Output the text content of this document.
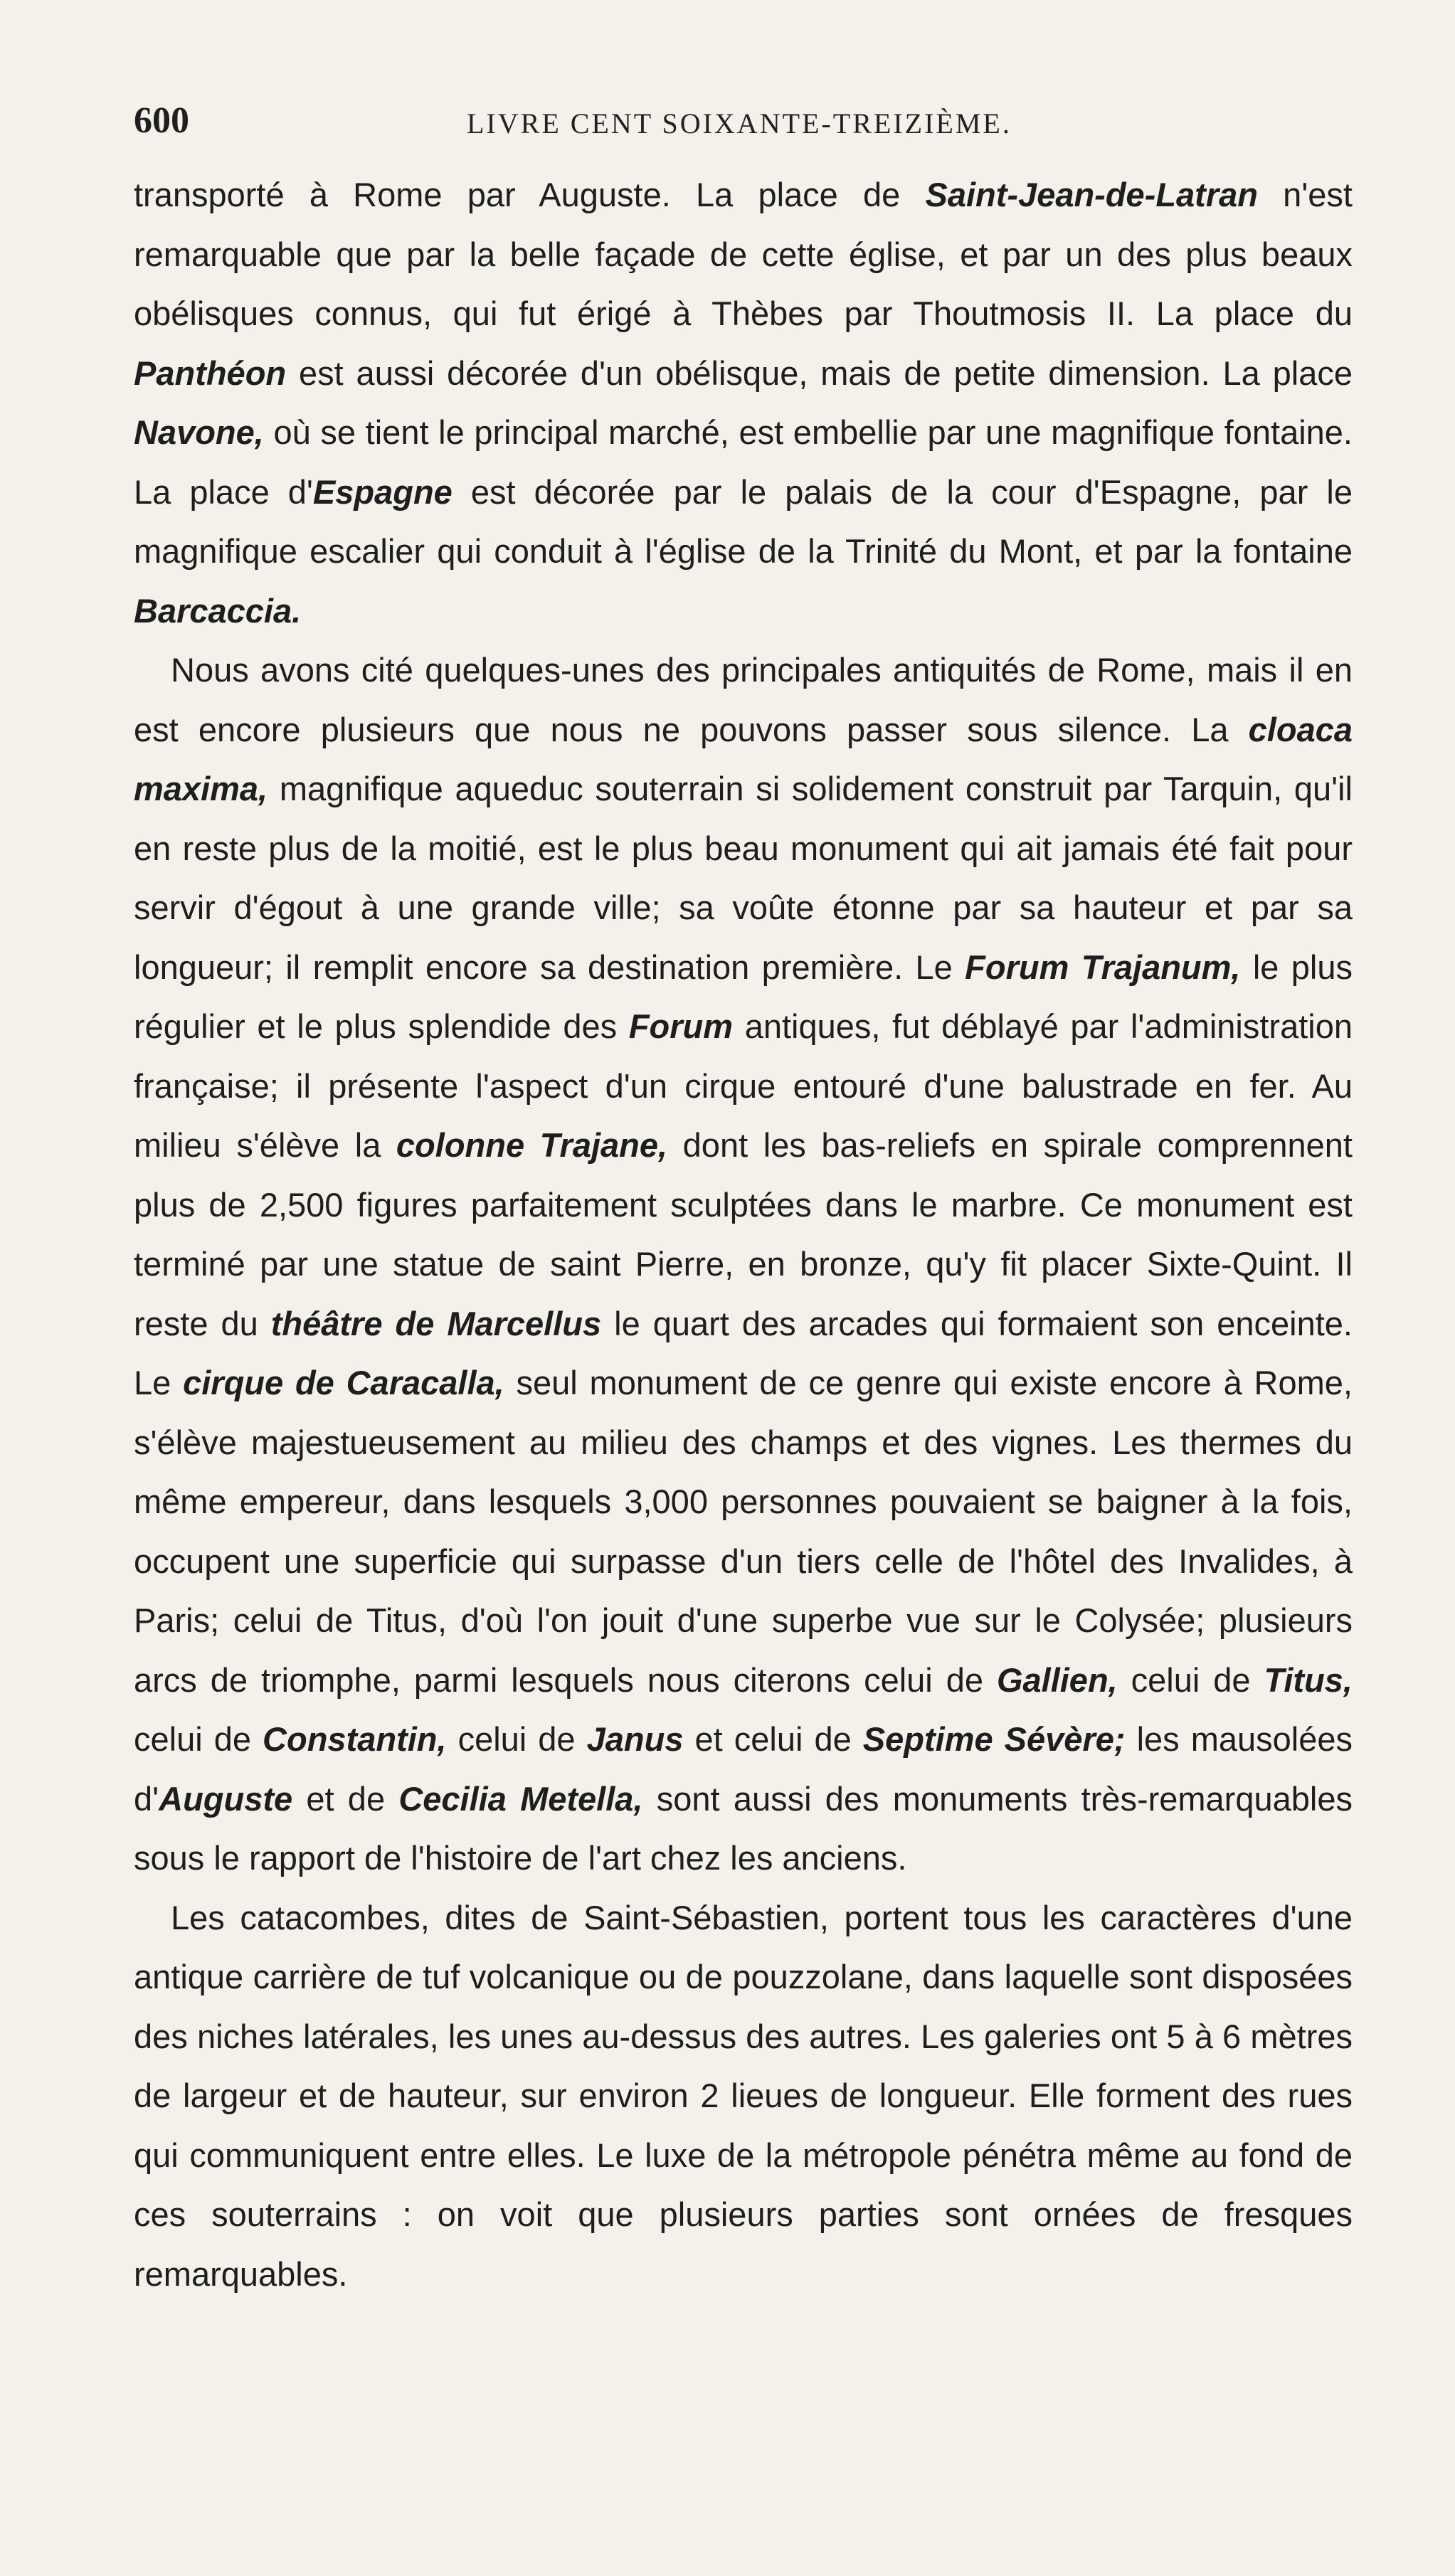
600	LIVRE CENT SOIXANTE-TREIZIÈME.

transporté à Rome par Auguste. La place de Saint-Jean-de-Latran n'est remarquable que par la belle façade de cette église, et par un des plus beaux obélisques connus, qui fut érigé à Thèbes par Thoutmosis II. La place du Panthéon est aussi décorée d'un obélisque, mais de petite dimension. La place Navone, où se tient le principal marché, est embellie par une magnifique fontaine. La place d'Espagne est décorée par le palais de la cour d'Espagne, par le magnifique escalier qui conduit à l'église de la Trinité du Mont, et par la fontaine Barcaccia.

Nous avons cité quelques-unes des principales antiquités de Rome, mais il en est encore plusieurs que nous ne pouvons passer sous silence. La cloaca maxima, magnifique aqueduc souterrain si solidement construit par Tarquin, qu'il en reste plus de la moitié, est le plus beau monument qui ait jamais été fait pour servir d'égout à une grande ville; sa voûte étonne par sa hauteur et par sa longueur; il remplit encore sa destination première. Le Forum Trajanum, le plus régulier et le plus splendide des Forum antiques, fut déblayé par l'administration française; il présente l'aspect d'un cirque entouré d'une balustrade en fer. Au milieu s'élève la colonne Trajane, dont les bas-reliefs en spirale comprennent plus de 2,500 figures parfaitement sculptées dans le marbre. Ce monument est terminé par une statue de saint Pierre, en bronze, qu'y fit placer Sixte-Quint. Il reste du théâtre de Marcellus le quart des arcades qui formaient son enceinte. Le cirque de Caracalla, seul monument de ce genre qui existe encore à Rome, s'élève majestueusement au milieu des champs et des vignes. Les thermes du même empereur, dans lesquels 3,000 personnes pouvaient se baigner à la fois, occupent une superficie qui surpasse d'un tiers celle de l'hôtel des Invalides, à Paris; celui de Titus, d'où l'on jouit d'une superbe vue sur le Colysée; plusieurs arcs de triomphe, parmi lesquels nous citerons celui de Gallien, celui de Titus, celui de Constantin, celui de Janus et celui de Septime Sévère; les mausolées d'Auguste et de Cecilia Metella, sont aussi des monuments très-remarquables sous le rapport de l'histoire de l'art chez les anciens.

Les catacombes, dites de Saint-Sébastien, portent tous les caractères d'une antique carrière de tuf volcanique ou de pouzzolane, dans laquelle sont disposées des niches latérales, les unes au-dessus des autres. Les galeries ont 5 à 6 mètres de largeur et de hauteur, sur environ 2 lieues de longueur. Elle forment des rues qui communiquent entre elles. Le luxe de la métropole pénétra même au fond de ces souterrains : on voit que plusieurs parties sont ornées de fresques remarquables.
